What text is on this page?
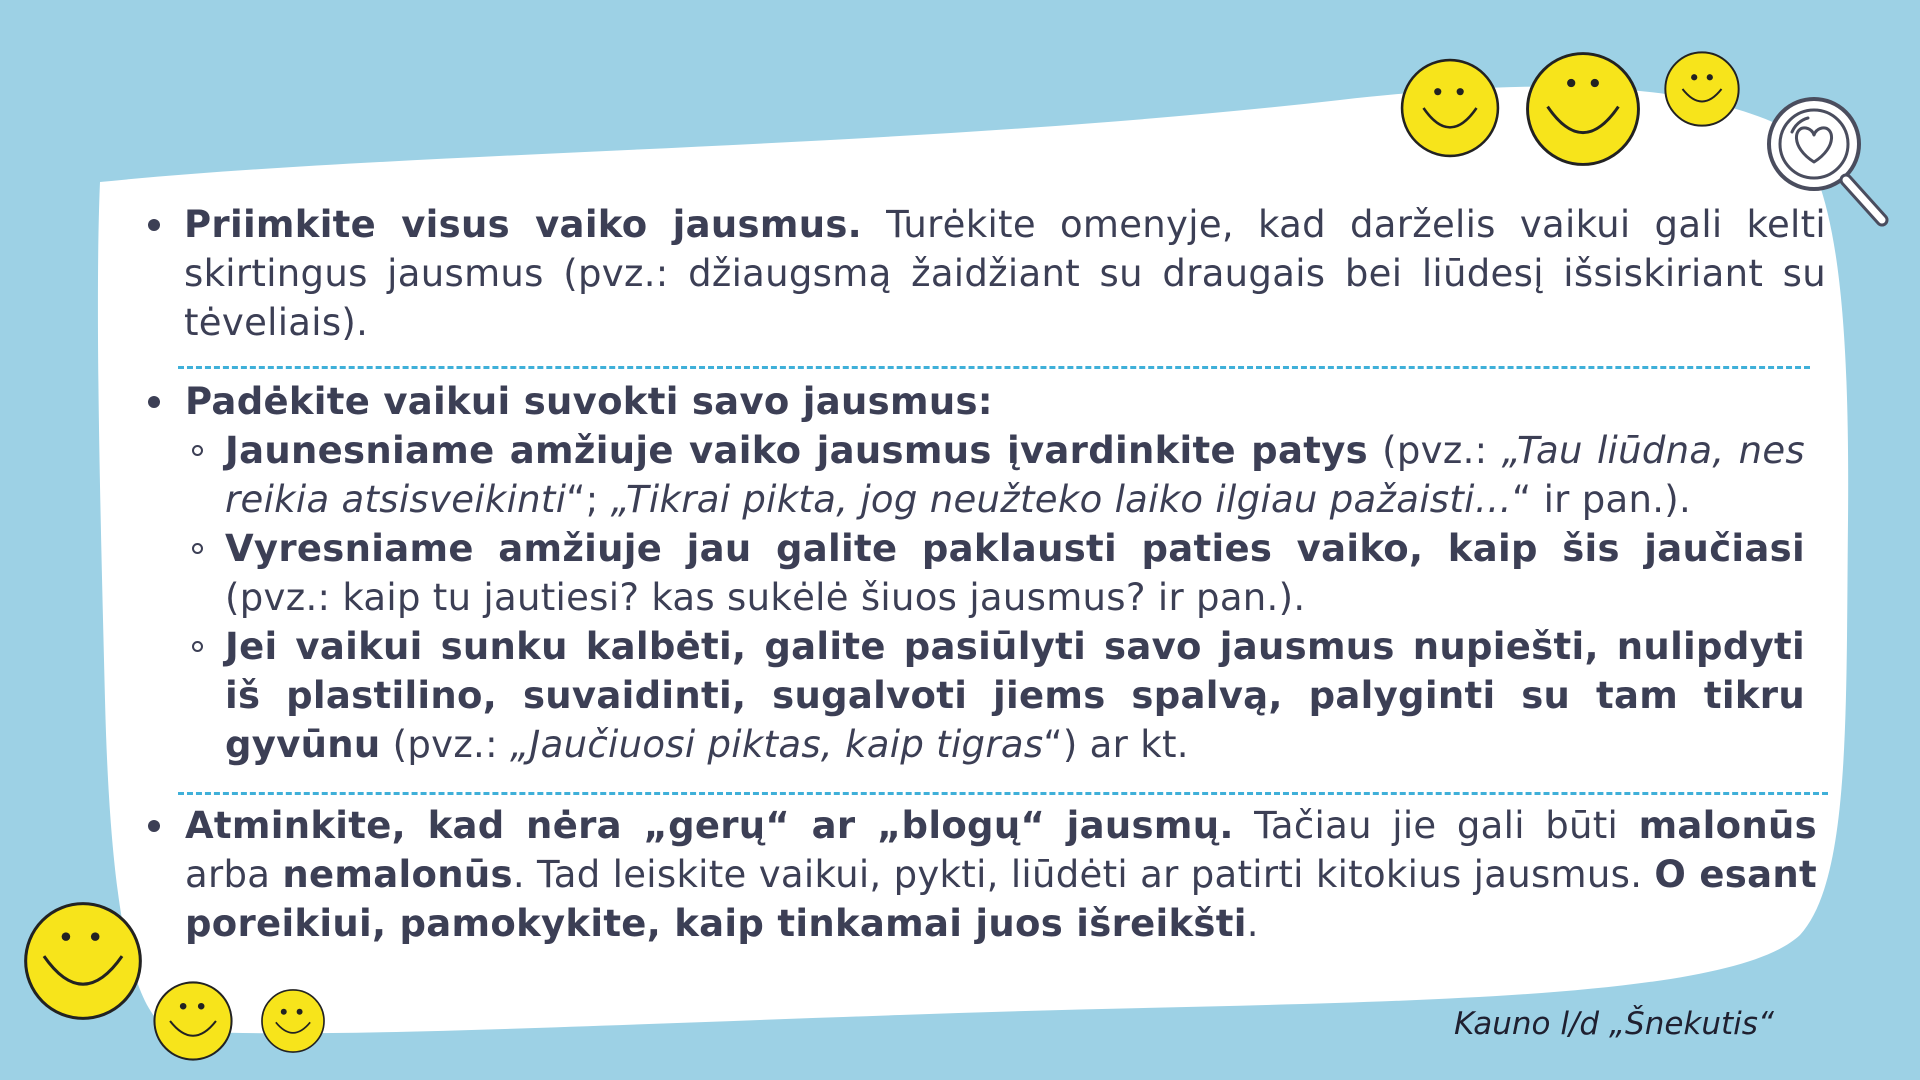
Priimkite visus vaiko jausmus. Turėkite omenyje, kad darželis vaikui gali kelti skirtingus jausmus (pvz.: džiaugsmą žaidžiant su draugais bei liūdesį išsiskiriant su tėveliais).
Padėkite vaikui suvokti savo jausmus:
Jaunesniame amžiuje vaiko jausmus įvardinkite patys (pvz.: „Tau liūdna, nes reikia atsisveikinti“; „Tikrai pikta, jog neužteko laiko ilgiau pažaisti…“ ir pan.).
Vyresniame amžiuje jau galite paklausti paties vaiko, kaip šis jaučiasi (pvz.: kaip tu jautiesi? kas sukėlė šiuos jausmus? ir pan.).
Jei vaikui sunku kalbėti, galite pasiūlyti savo jausmus nupiešti, nulipdyti iš plastilino, suvaidinti, sugalvoti jiems spalvą, palyginti su tam tikru gyvūnu (pvz.: „Jaučiuosi piktas, kaip tigras“) ar kt.
Atminkite, kad nėra „gerų“ ar „blogų“ jausmų. Tačiau jie gali būti malonūs arba nemalonūs. Tad leiskite vaikui, pykti, liūdėti ar patirti kitokius jausmus. O esant poreikiui, pamokykite, kaip tinkamai juos išreikšti.
Kauno l/d „Šnekutis“
